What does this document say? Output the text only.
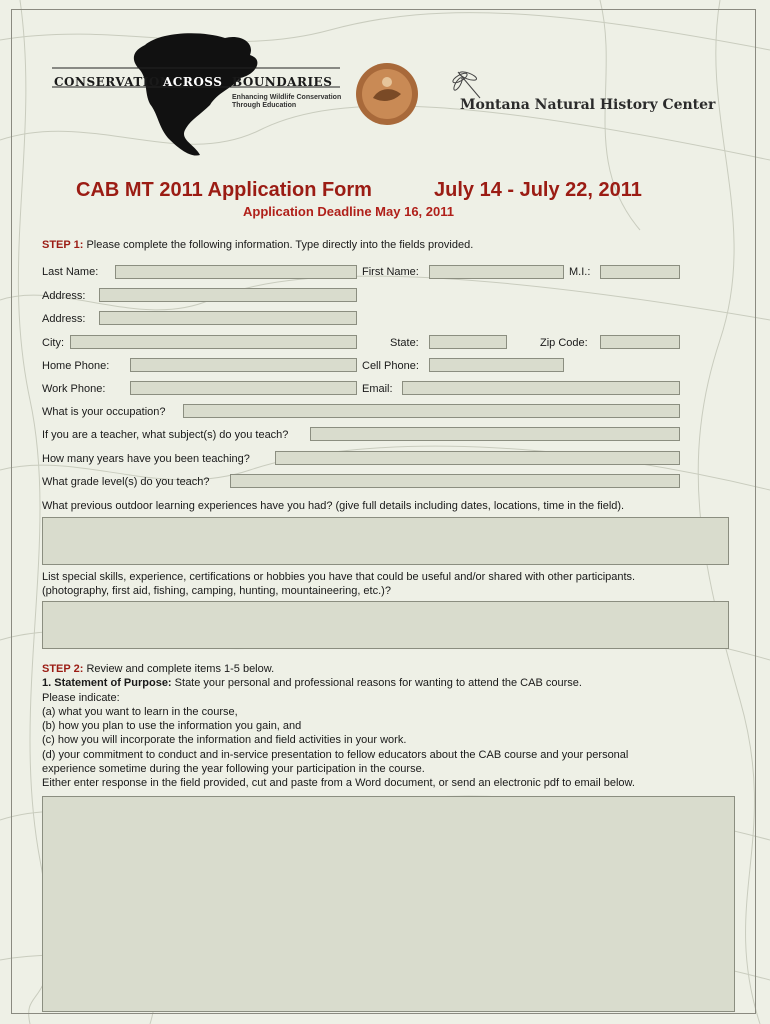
CONSERVATION
ACROSS BOUNDARIES
Enhancing Wildlife Conservation
Through Education	Montana Natural History Center
CAB MT 2011 Application Form	July 14 - July 22, 2011
Application Deadline May 16, 2011
STEP 1: Please complete the following information. Type directly into the fields provided.
Last Name:	First Name:	M.I.:
Address:
Address:
City:	State:	Zip Code:
Home Phone:	Cell Phone:
Work Phone:	Email:
What is your occupation?
If you are a teacher, what subject(s) do you teach?
How many years have you been teaching?
What grade level(s) do you teach?
What previous outdoor learning experiences have you had? (give full details including dates, locations, time in the field).
List special skills, experience, certifications or hobbies you have that could be useful and/or shared with other participants.
(photography, first aid, fishing, camping, hunting, mountaineering, etc.)?
STEP 2: Review and complete items 1-5 below.
1. Statement of Purpose: State your personal and professional reasons for wanting to attend the CAB course.
Please indicate:
(a) what you want to learn in the course,
(b) how you plan to use the information you gain, and
(c) how you will incorporate the information and field activities in your work.
(d) your commitment to conduct and in-service presentation to fellow educators about the CAB course and your personal
experience sometime during the year following your participation in the course.
Either enter response in the field provided, cut and paste from a Word document, or send an electronic pdf to email below.
